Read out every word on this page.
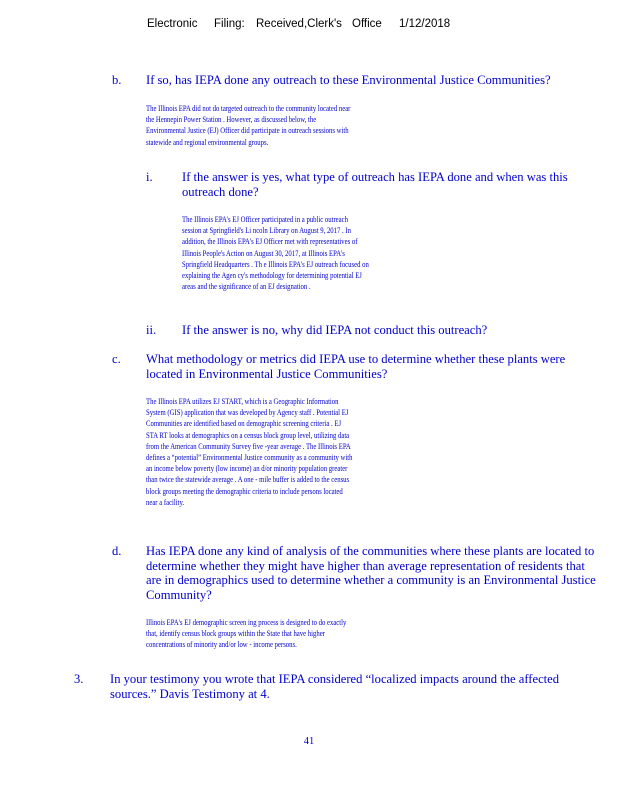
Electronic Filing: Received,Clerk's Office 1/12/2018
b. If so, has IEPA done any outreach to these Environmental Justice Communities?
The Illinois EPA did not do targeted outreach to the community located near
the Hennepin Power Station . However, as discussed below, the
Environmental Justice (EJ) Officer did participate in outreach sessions with
statewide and regional environmental groups.
i. If the answer is yes, what type of outreach has IEPA done and when was this outreach done?
The Illinois EPA's EJ Officer participated in a public outreach
session at Springfield's Li ncoln Library on August 9, 2017 . In
addition, the Illinois EPA's EJ Officer met with representatives of
Illinois People's Action on August 30, 2017, at Illinois EPA's
Springfield Headquarters . Th e Illinois EPA's EJ outreach focused on
explaining the Agen cy's methodology for determining potential EJ
areas and the significance of an EJ designation .
ii. If the answer is no, why did IEPA not conduct this outreach?
c. What methodology or metrics did IEPA use to determine whether these plants were located in Environmental Justice Communities?
The Illinois EPA utilizes EJ START, which is a Geographic Information
System (GIS) application that was developed by Agency staff . Potential EJ
Communities are identified based on demographic screening criteria . EJ
STA RT looks at demographics on a census block group level, utilizing data
from the American Community Survey five -year average . The Illinois EPA
defines a “potential” Environmental Justice community as a community with
an income below poverty (low income) an d/or minority population greater
than twice the statewide average . A one - mile buffer is added to the census
block groups meeting the demographic criteria to include persons located
near a facility.
d. Has IEPA done any kind of analysis of the communities where these plants are located to determine whether they might have higher than average representation of residents that are in demographics used to determine whether a community is an Environmental Justice Community?
Illinois EPA's EJ demographic screen ing process is designed to do exactly
that, identify census block groups within the State that have higher
concentrations of minority and/or low - income persons.
3. In your testimony you wrote that IEPA considered “localized impacts around the affected sources.” Davis Testimony at 4.
41
